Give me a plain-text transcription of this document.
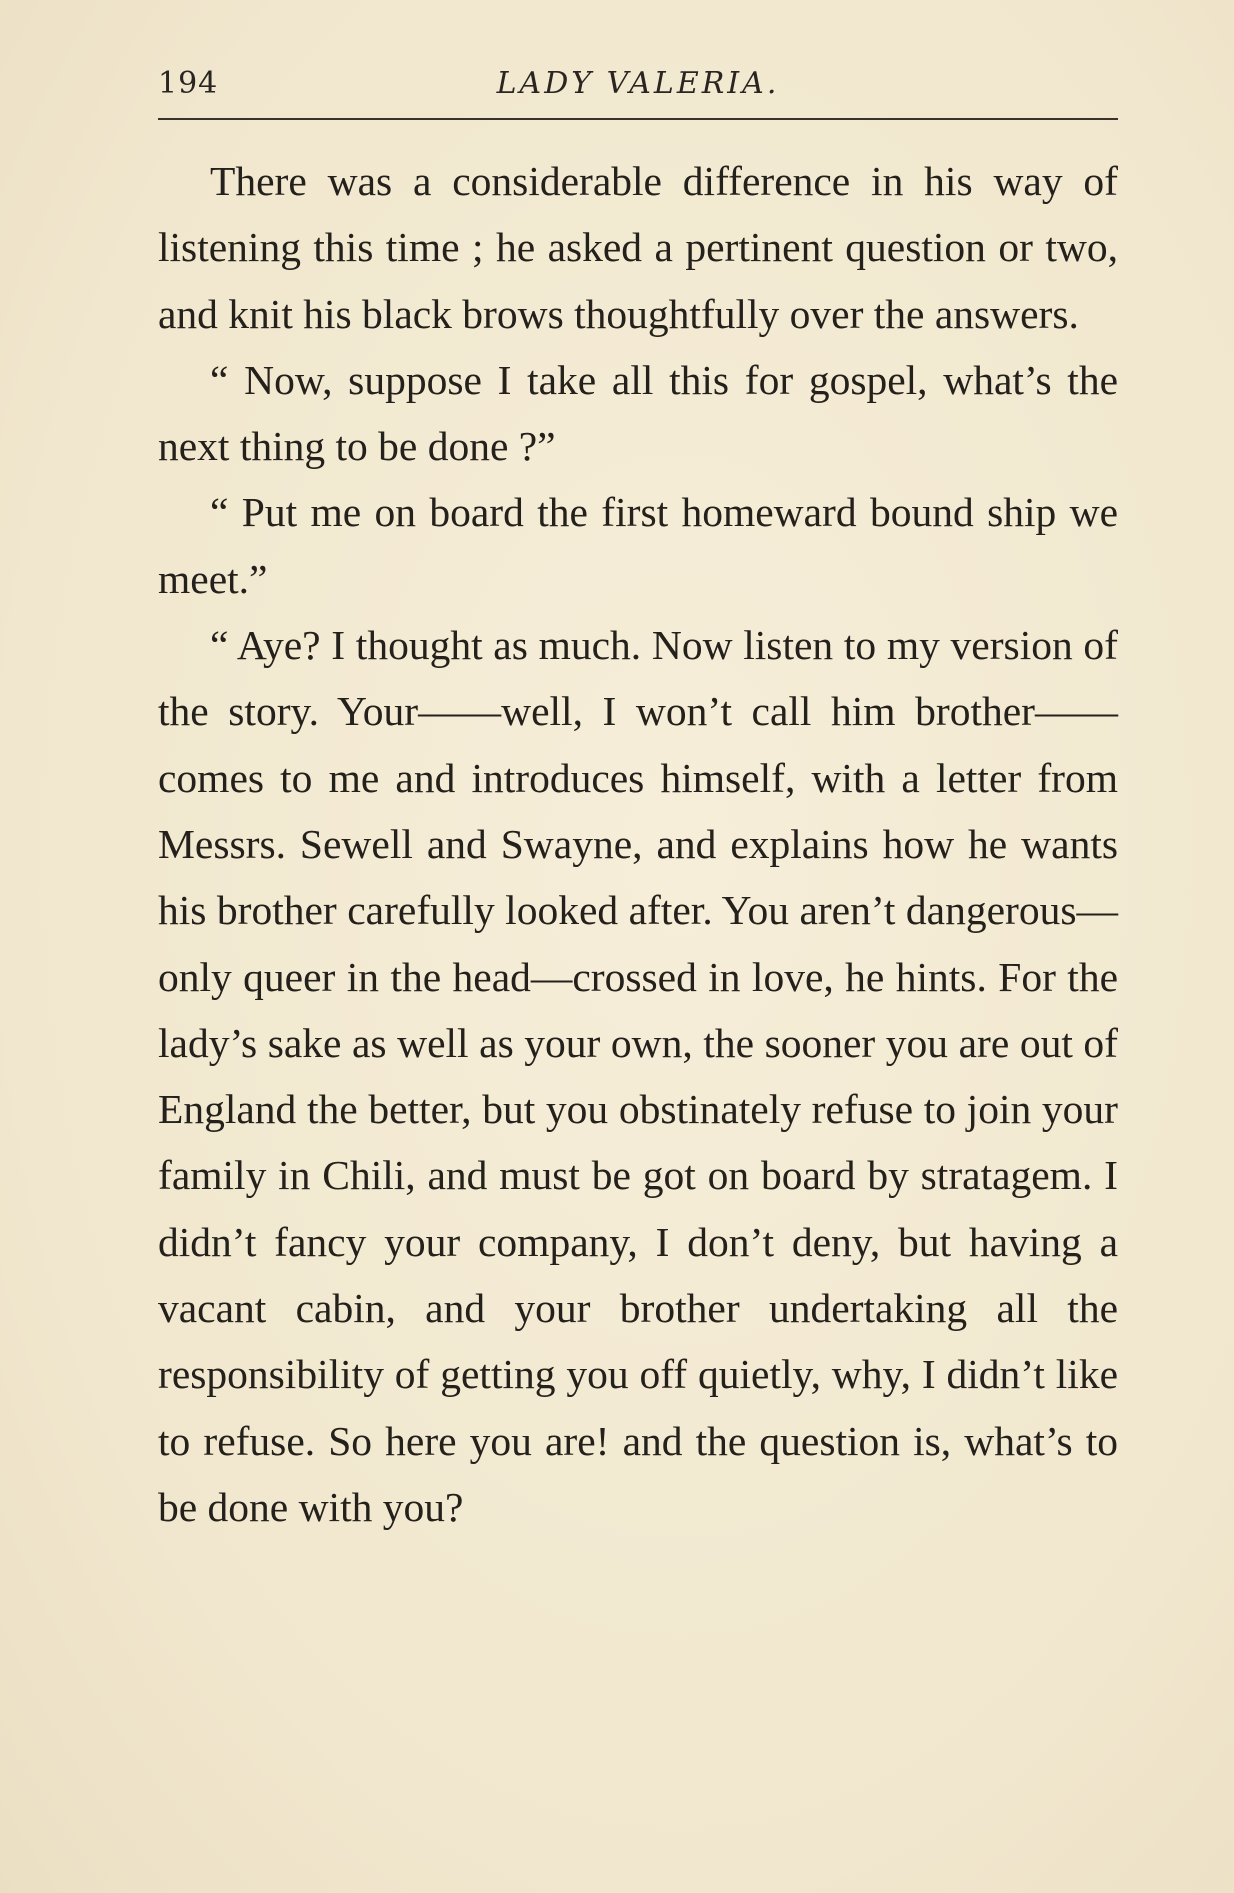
194	LADY VALERIA.

There was a considerable difference in his way of listening this time ; he asked a pertinent question or two, and knit his black brows thoughtfully over the answers.

“ Now, suppose I take all this for gospel, what’s the next thing to be done ?”

“ Put me on board the first homeward bound ship we meet.”

“ Aye? I thought as much. Now listen to my version of the story. Your——well, I won’t call him brother——comes to me and introduces himself, with a letter from Messrs. Sewell and Swayne, and explains how he wants his brother carefully looked after. You aren’t dangerous—only queer in the head—crossed in love, he hints. For the lady’s sake as well as your own, the sooner you are out of England the better, but you obstinately refuse to join your family in Chili, and must be got on board by stratagem. I didn’t fancy your company, I don’t deny, but having a vacant cabin, and your brother undertaking all the responsibility of getting you off quietly, why, I didn’t like to refuse. So here you are! and the question is, what’s to be done with you?
